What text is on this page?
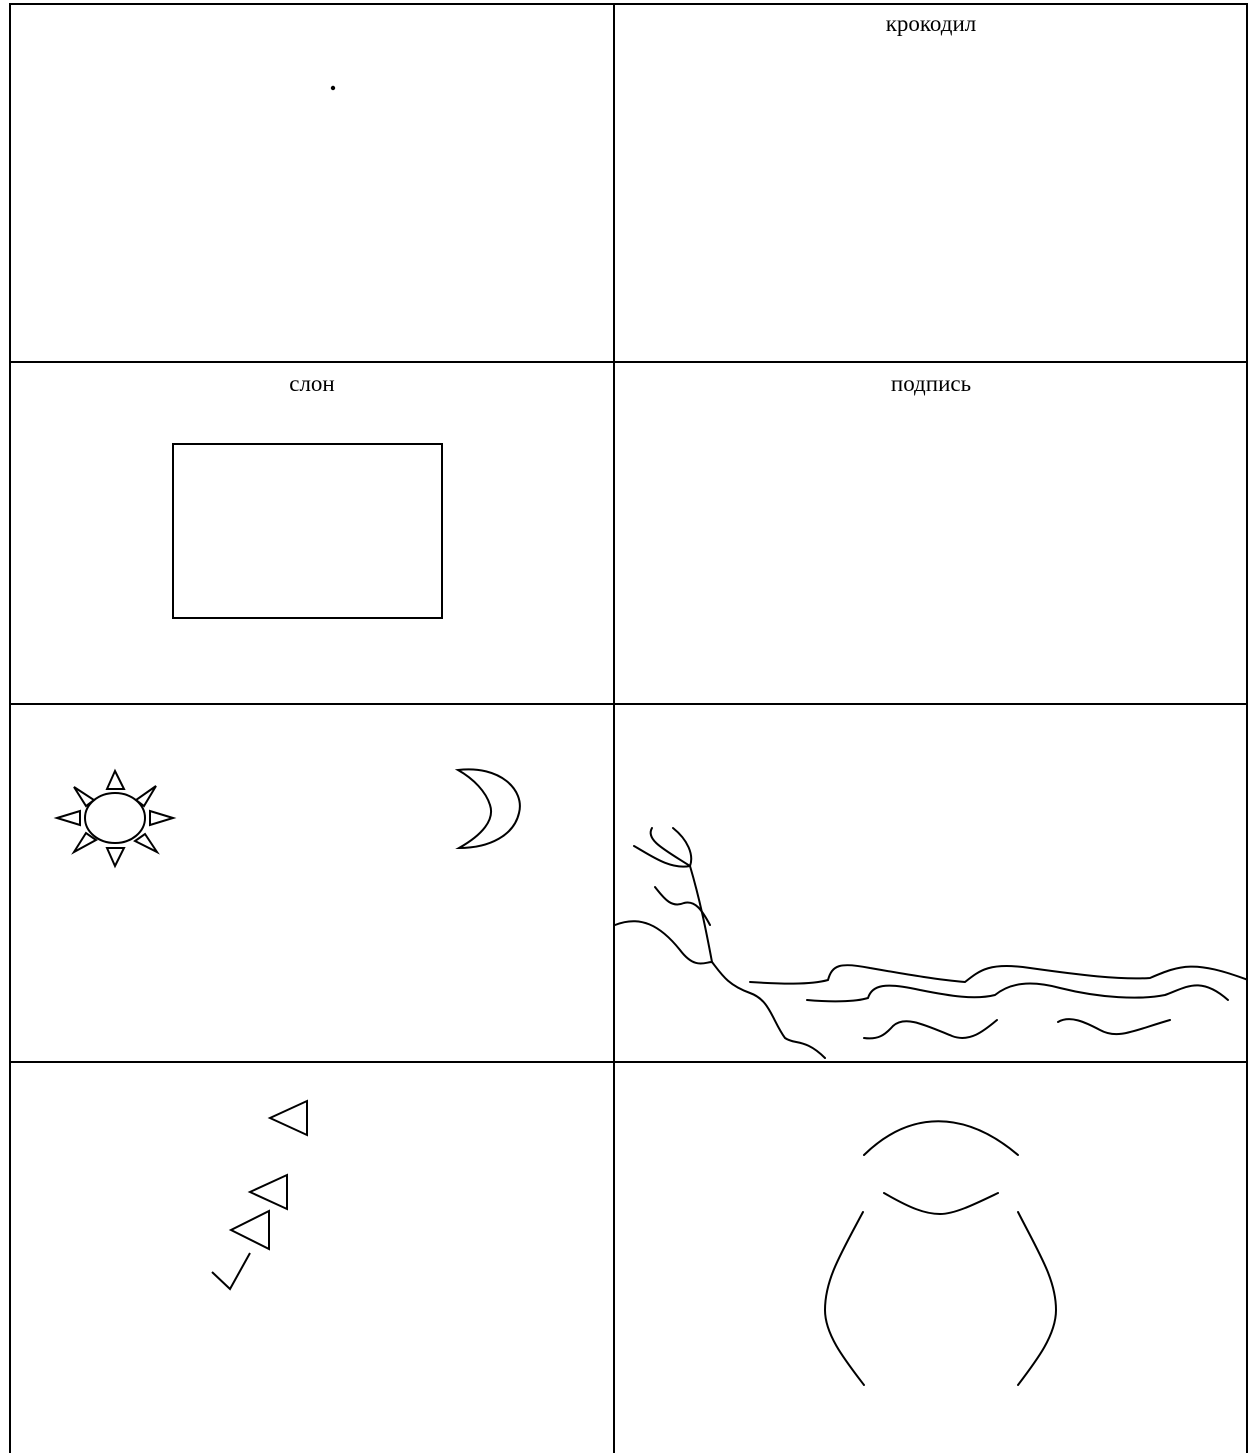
крокодил
слон	подпись
